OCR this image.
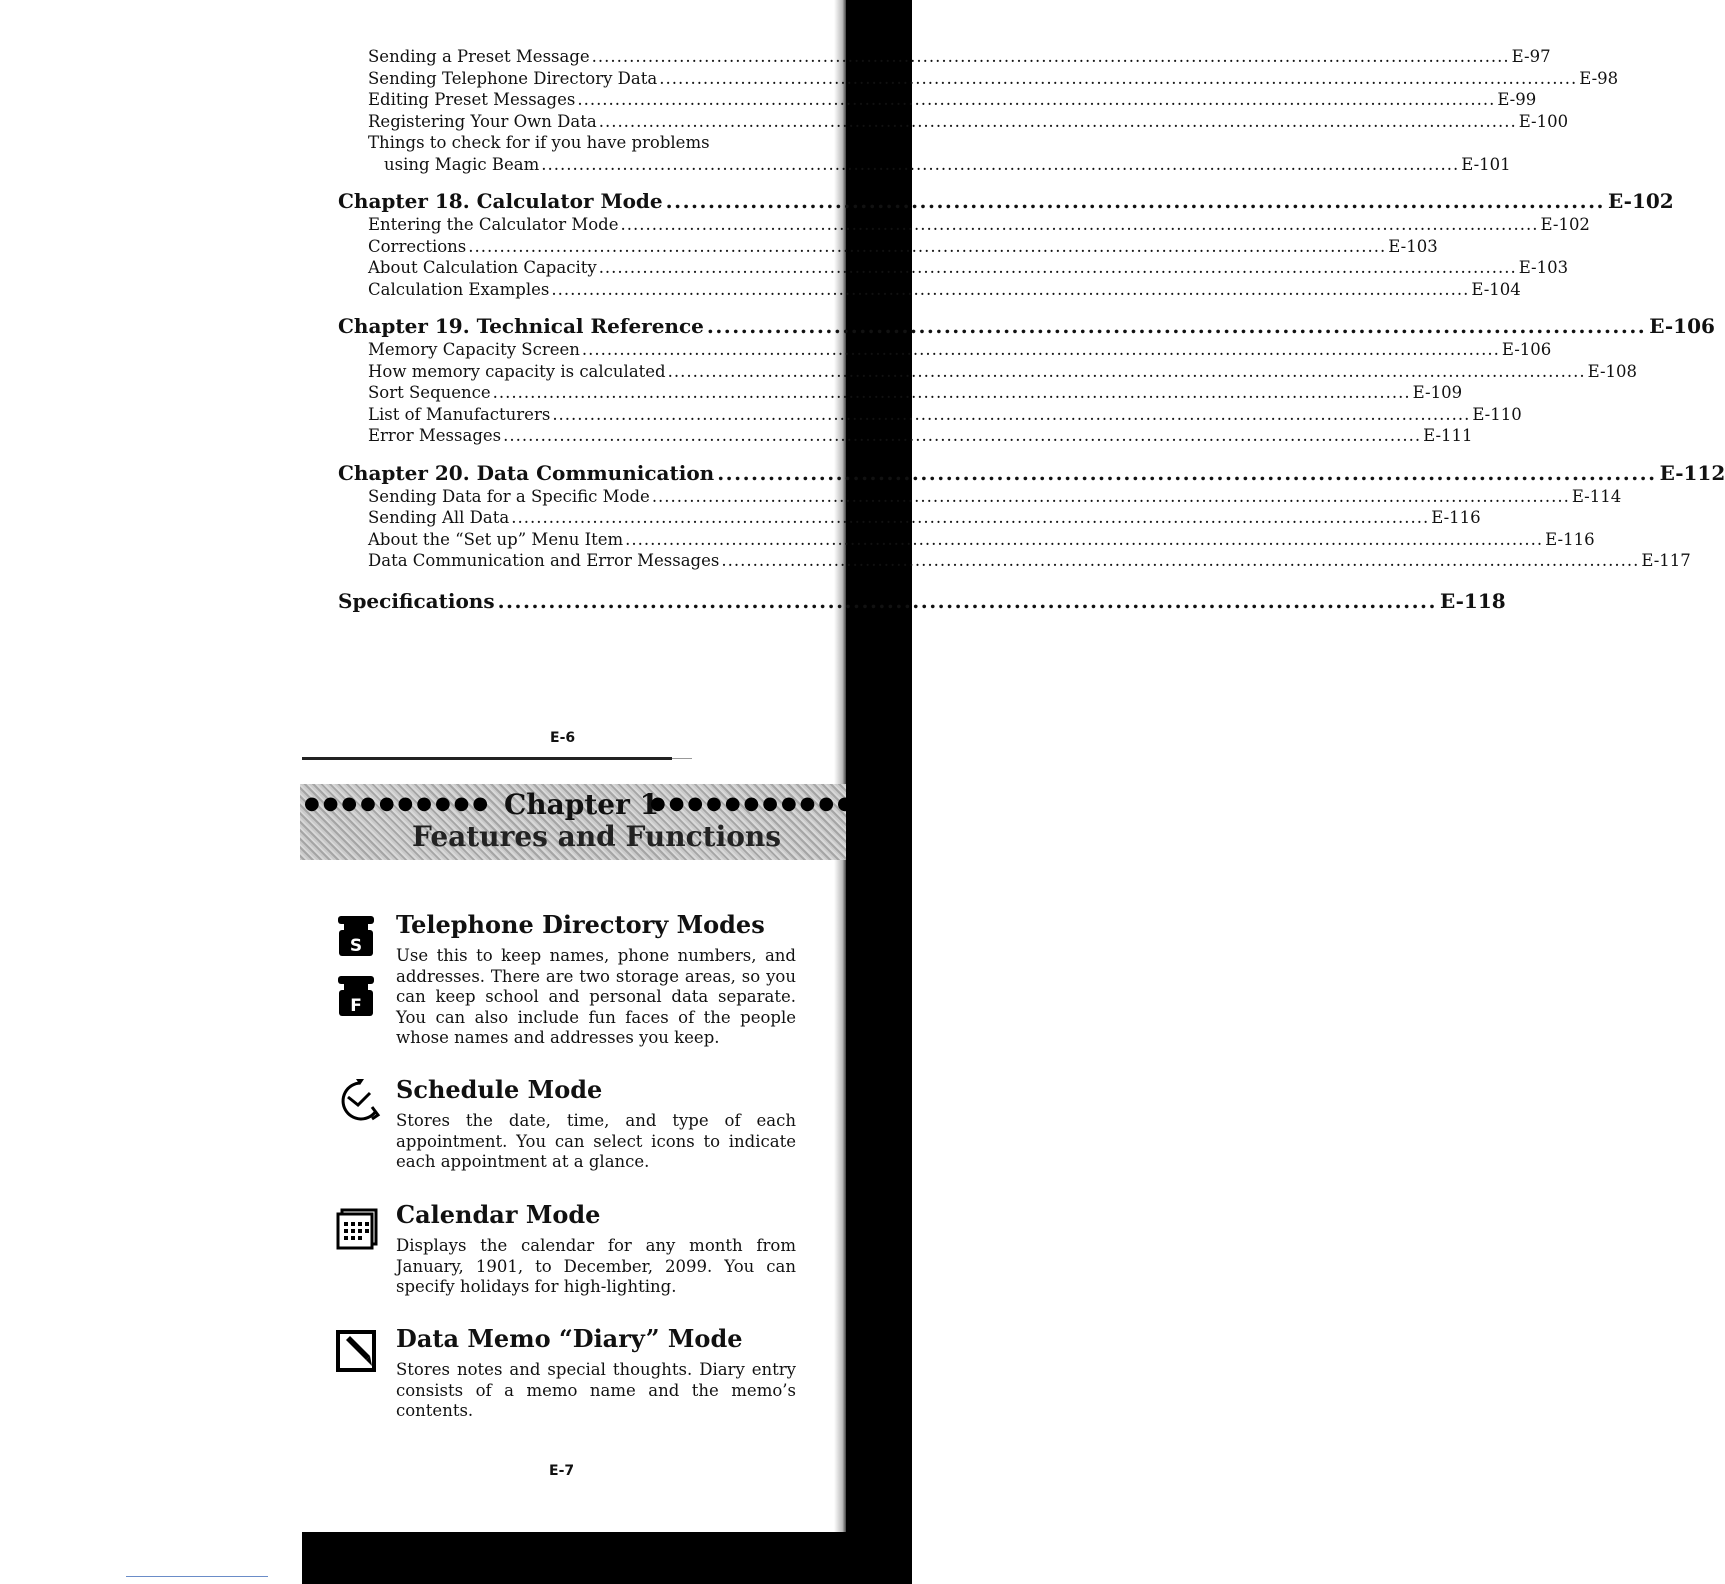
Sending a Preset Message .....	E-97
Sending Telephone Directory Data .....	E-98
Editing Preset Messages .....	E-99
Registering Your Own Data .....	E-100
Things to check for if you have problems
using Magic Beam .....	E-101
Chapter 18. Calculator Mode .....	E-102
Entering the Calculator Mode .....	E-102
Corrections .....	E-103
About Calculation Capacity .....	E-103
Calculation Examples .....	E-104
Chapter 19. Technical Reference .....	E-106
Memory Capacity Screen .....	E-106
How memory capacity is calculated .....	E-108
Sort Sequence .....	E-109
List of Manufacturers .....	E-110
Error Messages .....	E-111
Chapter 20. Data Communication .....	E-112
Sending Data for a Specific Mode .....	E-114
Sending All Data .....	E-116
About the “Set up” Menu Item .....	E-116
Data Communication and Error Messages .....	E-117
Specifications .....	E-118
E-6
●●●●●●●●●● Chapter 1
●●●●●●●●●●●●
Features and Functions
S
F
Telephone Directory Modes

Use this to keep names, phone numbers, and addresses. There are two storage areas, so you can keep school and personal data separate. You can also include fun faces of the people whose names and addresses you keep.

Schedule Mode

Stores the date, time, and type of each appointment. You can select icons to indicate each appointment at a glance.

Calendar Mode

Displays the calendar for any month from January, 1901, to December, 2099. You can specify holidays for high-lighting.

Data Memo “Diary” Mode

Stores notes and special thoughts. Diary entry consists of a memo name and the memo’s contents.

E-7
